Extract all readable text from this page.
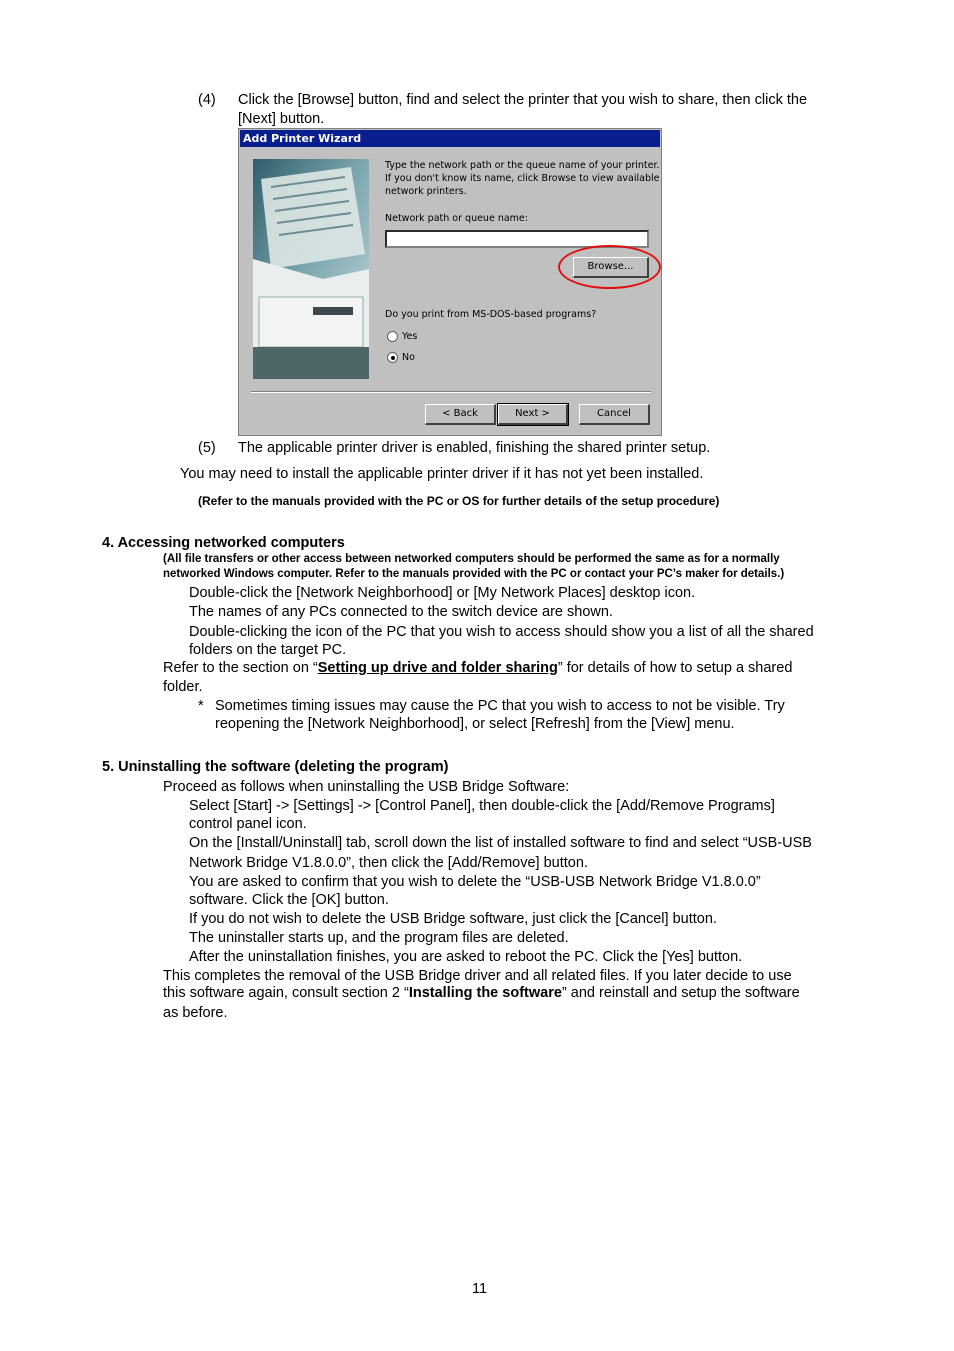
(4) Click the [Browse] button, find and select the printer that you wish to share, then click the
[Next] button.
Add Printer Wizard
Type the network path or the queue name of your printer.
If you don't know its name, click Browse to view available
network printers.
Network path or queue name:
Browse...
Do you print from MS-DOS-based programs?
Yes
No
< Back	Next >	Cancel
(5) The applicable printer driver is enabled, finishing the shared printer setup.
You may need to install the applicable printer driver if it has not yet been installed.
(Refer to the manuals provided with the PC or OS for further details of the setup procedure)
4. Accessing networked computers
(All file transfers or other access between networked computers should be performed the same as for a normally
networked Windows computer. Refer to the manuals provided with the PC or contact your PC’s maker for details.)
Double-click the [Network Neighborhood] or [My Network Places] desktop icon.
The names of any PCs connected to the switch device are shown.
Double-clicking the icon of the PC that you wish to access should show you a list of all the shared
folders on the target PC.
Refer to the section on “Setting up drive and folder sharing” for details of how to setup a shared
folder.
* Sometimes timing issues may cause the PC that you wish to access to not be visible. Try
reopening the [Network Neighborhood], or select [Refresh] from the [View] menu.
5. Uninstalling the software (deleting the program)
Proceed as follows when uninstalling the USB Bridge Software:
Select [Start] -> [Settings] -> [Control Panel], then double-click the [Add/Remove Programs]
control panel icon.
On the [Install/Uninstall] tab, scroll down the list of installed software to find and select “USB-USB
Network Bridge V1.8.0.0”, then click the [Add/Remove] button.
You are asked to confirm that you wish to delete the “USB-USB Network Bridge V1.8.0.0”
software. Click the [OK] button.
If you do not wish to delete the USB Bridge software, just click the [Cancel] button.
The uninstaller starts up, and the program files are deleted.
After the uninstallation finishes, you are asked to reboot the PC. Click the [Yes] button.
This completes the removal of the USB Bridge driver and all related files. If you later decide to use
this software again, consult section 2 “Installing the software” and reinstall and setup the software
as before.
11
